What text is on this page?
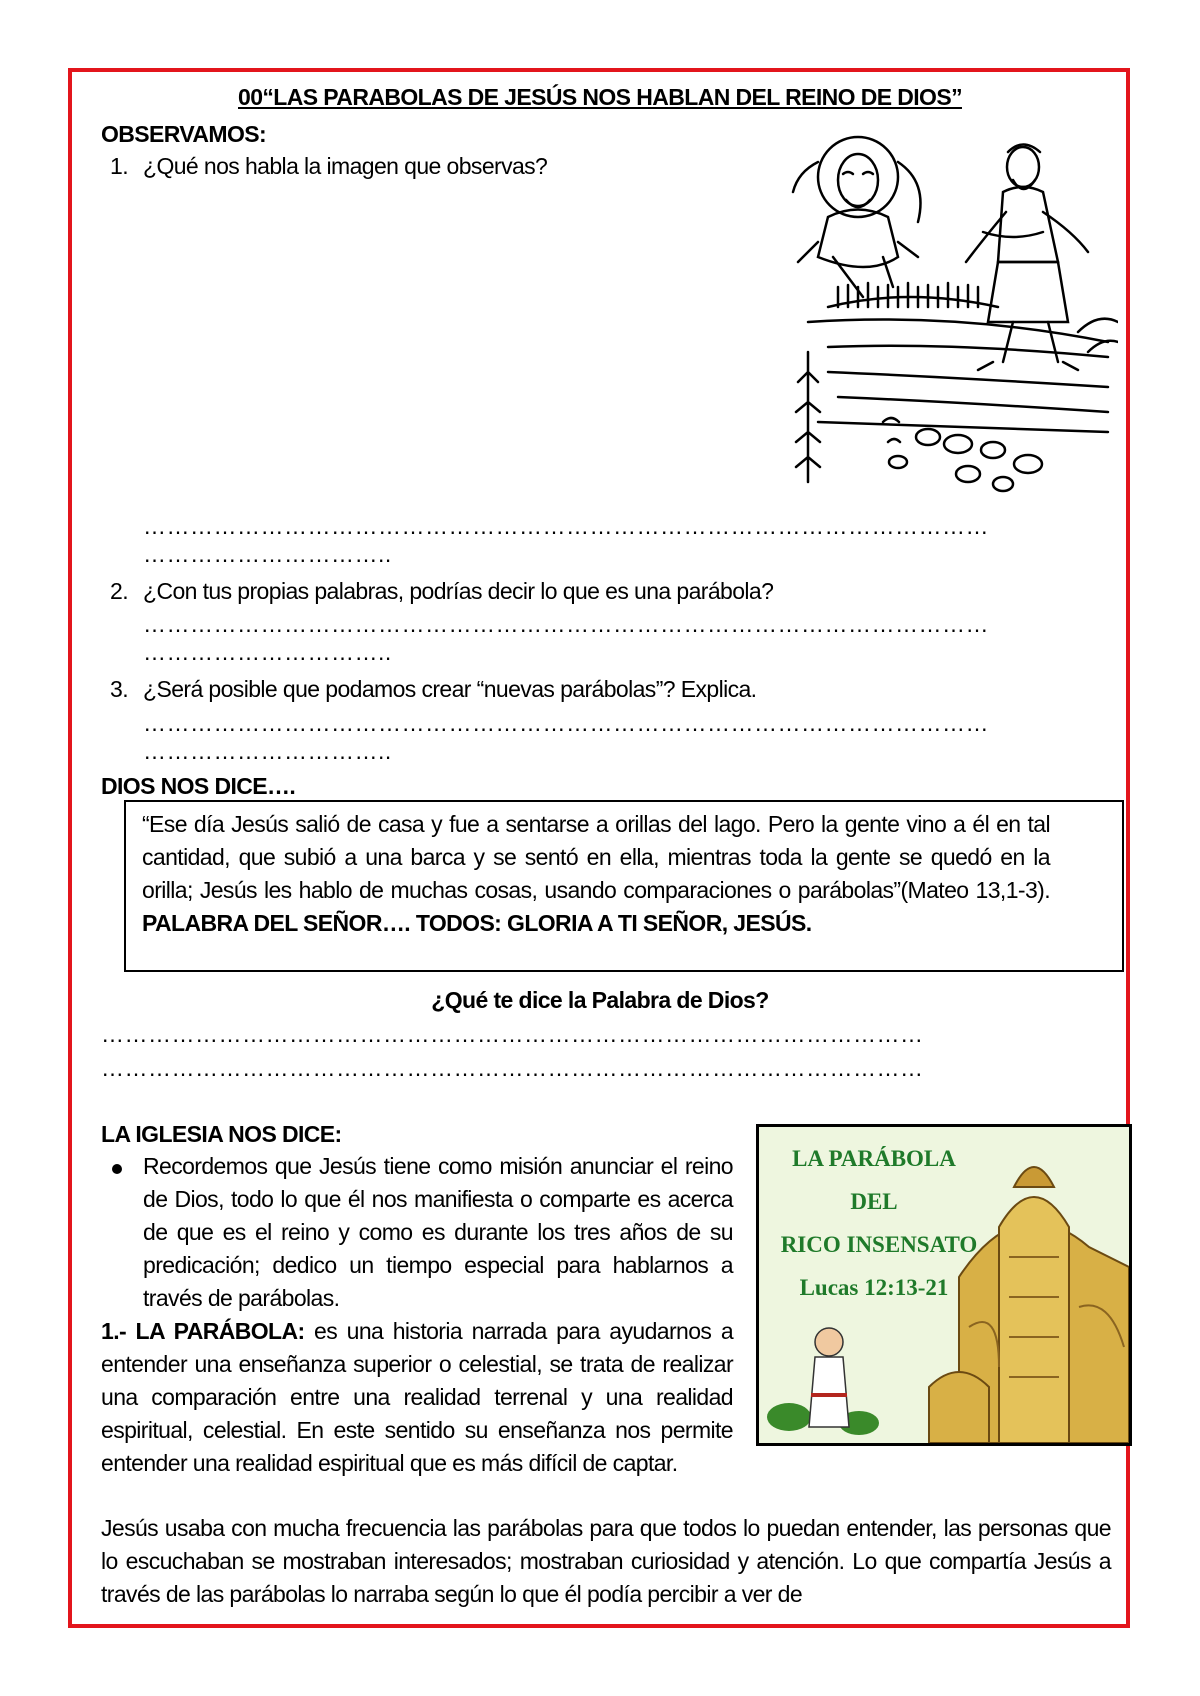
00“LAS PARABOLAS DE JESÚS NOS HABLAN DEL REINO DE DIOS”
OBSERVAMOS:
1. ¿Qué nos habla la imagen que observas?
………………………………………………………………………………………………
…………………………..
2. ¿Con tus propias palabras, podrías decir lo que es una parábola?
………………………………………………………………………………………………
…………………………..
3. ¿Será posible que podamos crear “nuevas parábolas”? Explica.
………………………………………………………………………………………………
…………………………..
DIOS NOS DICE….
“Ese día Jesús salió de casa y fue a sentarse a orillas del lago. Pero la gente vino a él en tal cantidad, que subió a una barca y se sentó en ella, mientras toda la gente se quedó en la orilla; Jesús les hablo de muchas cosas, usando comparaciones o parábolas”(Mateo 13,1-3). PALABRA DEL SEÑOR…. TODOS: GLORIA A TI SEÑOR, JESÚS.
¿Qué te dice la Palabra de Dios?
……………………………………………………………………………………………
……………………………………………………………………………………………
LA IGLESIA NOS DICE:
Recordemos que Jesús tiene como misión anunciar el reino de Dios, todo lo que él nos manifiesta o comparte es acerca de que es el reino y como es durante los tres años de su predicación; dedico un tiempo especial para hablarnos a través de parábolas.
1.- LA PARÁBOLA: es una historia narrada para ayudarnos a entender una enseñanza superior o celestial, se trata de realizar una comparación entre una realidad terrenal y una realidad espiritual, celestial. En este sentido su enseñanza nos permite entender una realidad espiritual que es más difícil de captar.
Jesús usaba con mucha frecuencia las parábolas para que todos lo puedan entender, las personas que lo escuchaban se mostraban interesados; mostraban curiosidad y atención. Lo que compartía Jesús a través de las parábolas lo narraba según lo que él podía percibir a ver de
LA PARÁBOLA
DEL
RICO INSENSATO
Lucas 12:13-21
